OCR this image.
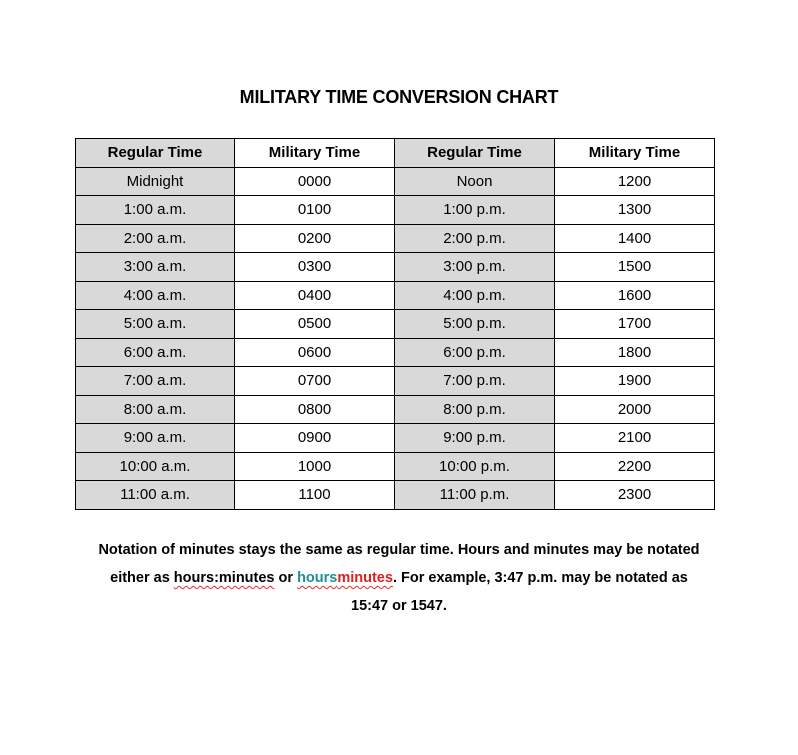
MILITARY TIME CONVERSION CHART
Regular Time	Military Time	Regular Time	Military Time
Midnight	0000	Noon	1200
1:00 a.m.	0100	1:00 p.m.	1300
2:00 a.m.	0200	2:00 p.m.	1400
3:00 a.m.	0300	3:00 p.m.	1500
4:00 a.m.	0400	4:00 p.m.	1600
5:00 a.m.	0500	5:00 p.m.	1700
6:00 a.m.	0600	6:00 p.m.	1800
7:00 a.m.	0700	7:00 p.m.	1900
8:00 a.m.	0800	8:00 p.m.	2000
9:00 a.m.	0900	9:00 p.m.	2100
10:00 a.m.	1000	10:00 p.m.	2200
11:00 a.m.	1100	11:00 p.m.	2300
Notation of minutes stays the same as regular time. Hours and minutes may be notated
either as hours:minutes or hoursminutes. For example, 3:47 p.m. may be notated as
15:47 or 1547.
